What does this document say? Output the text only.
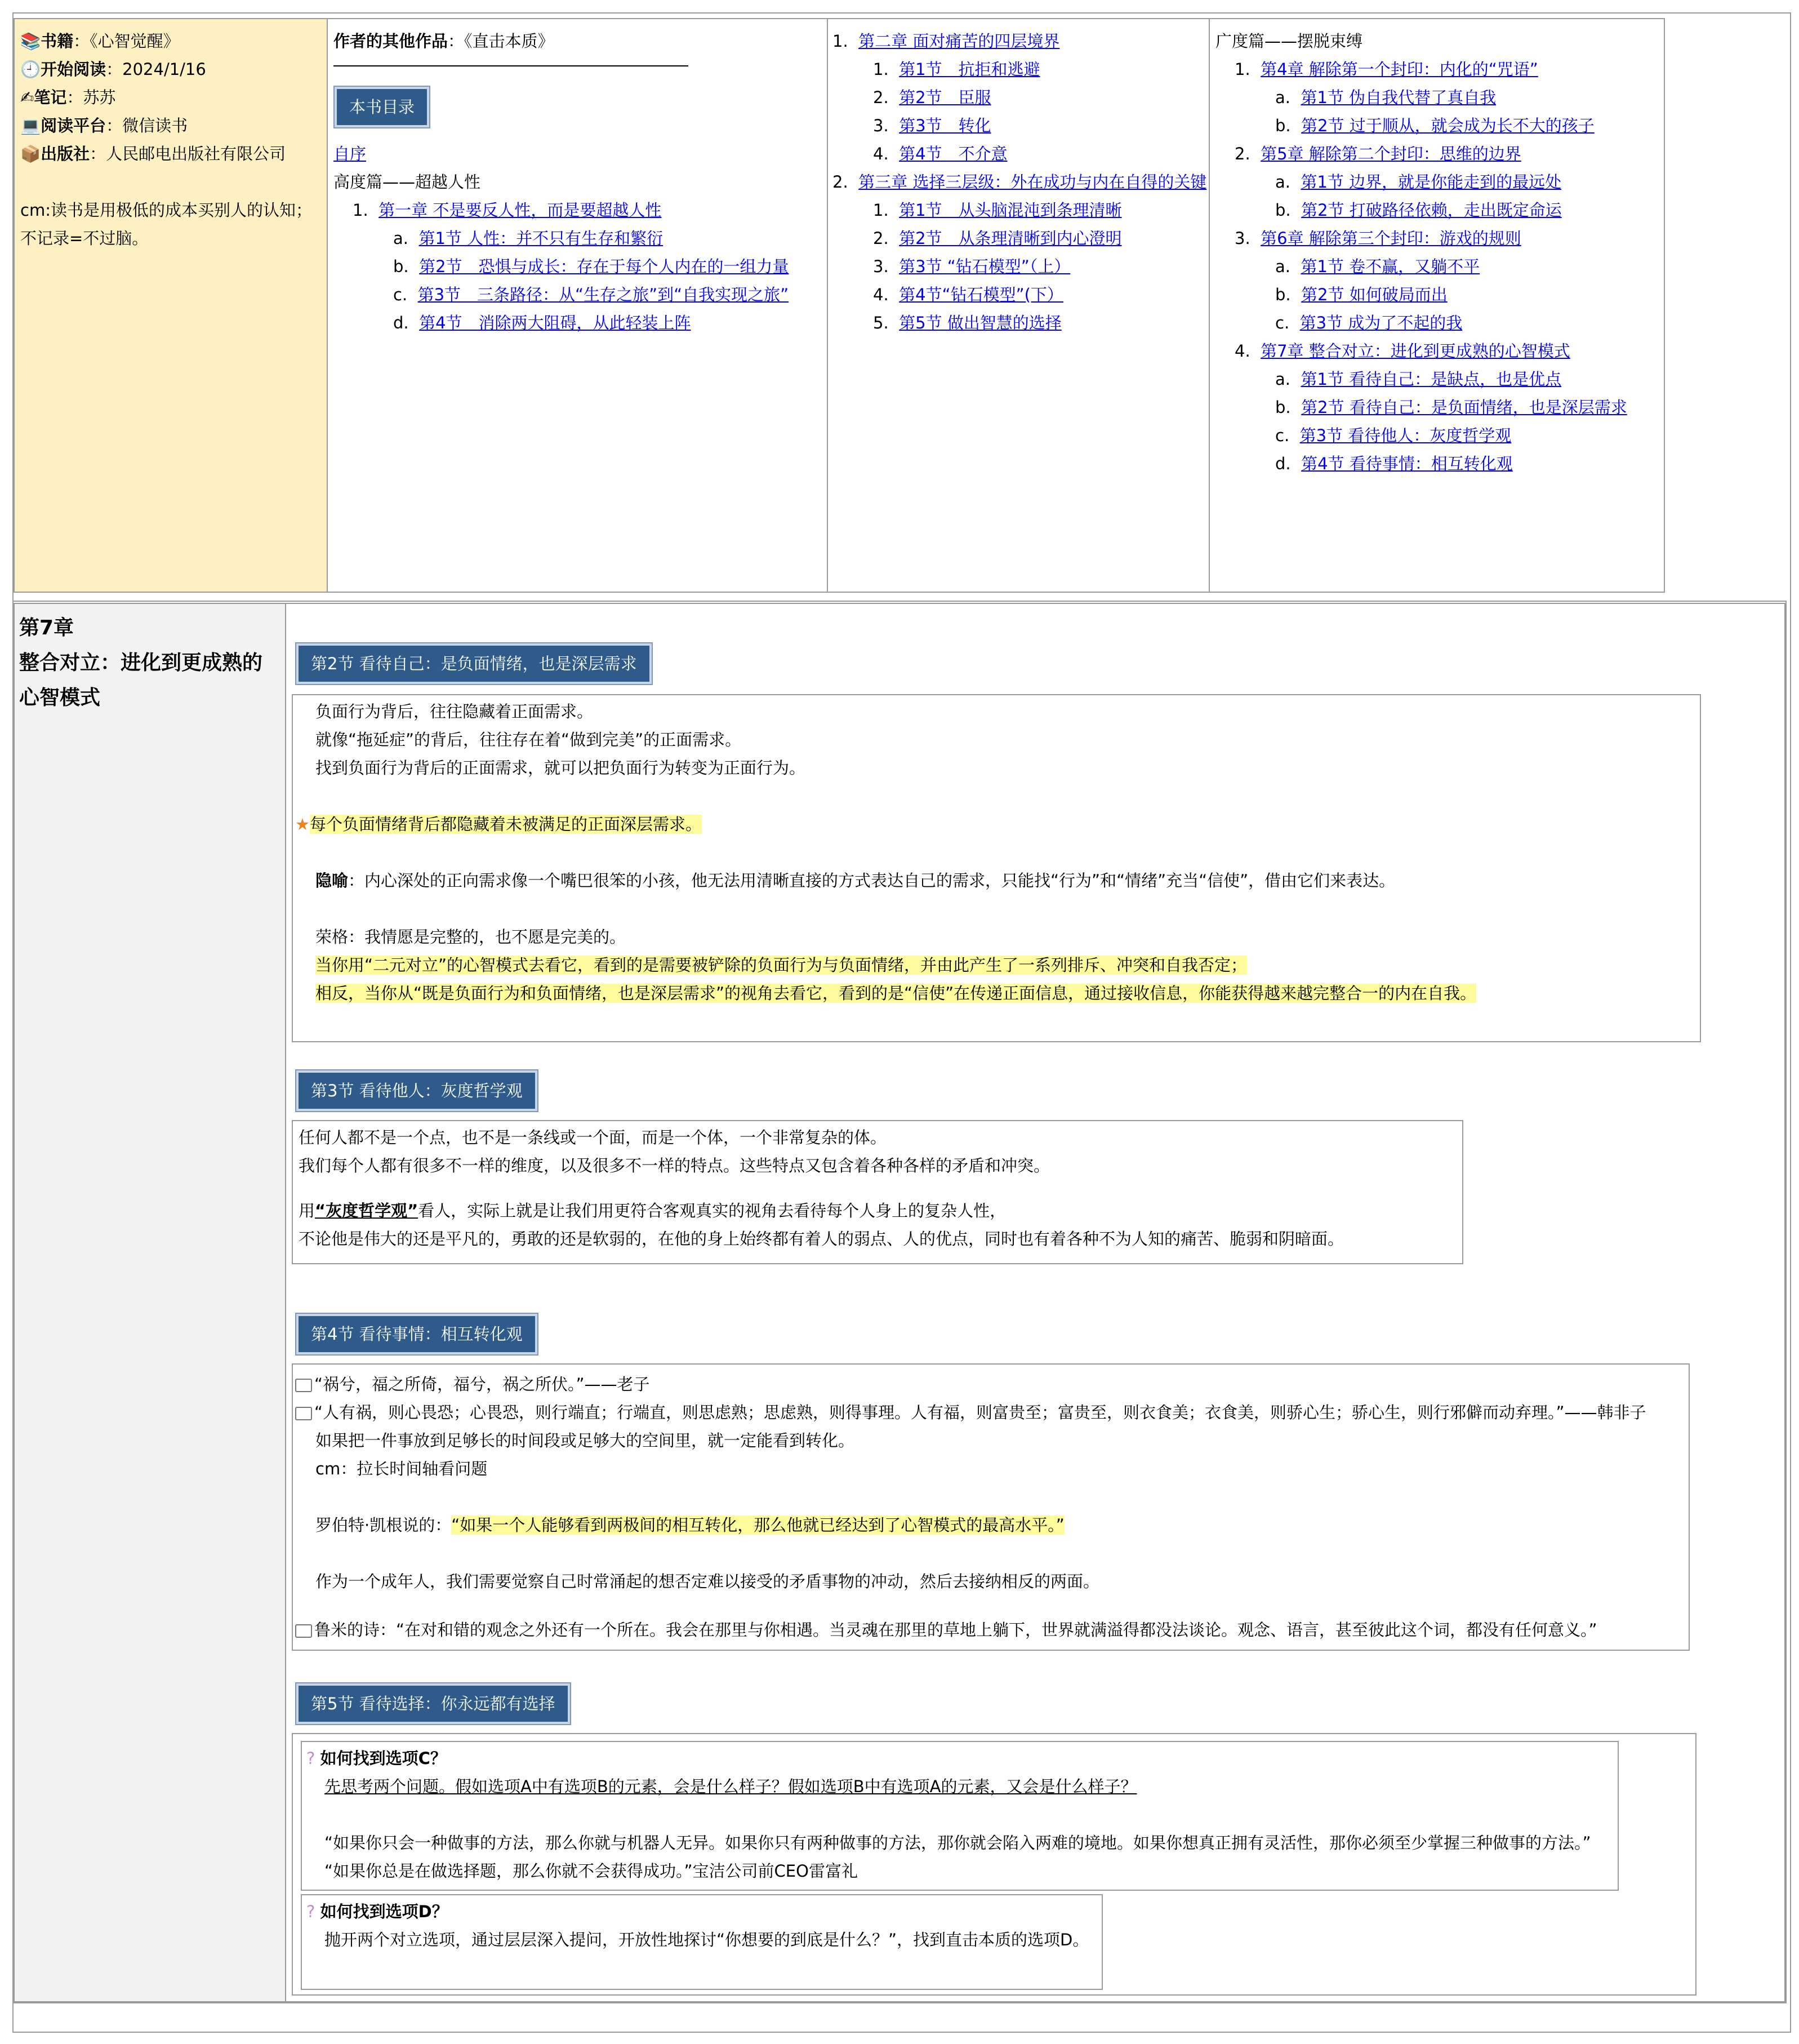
📚书籍：《心智觉醒》
🕘开始阅读：2024/1/16
✍笔记：苏苏
💻阅读平台：微信读书
📦出版社：人民邮电出版社有限公司
cm:读书是用极低的成本买别人的认知；
不记录=不过脑。
作者的其他作品：《直击本质》
本书目录
自序
高度篇——超越人性
1.  第一章 不是要反人性，而是要超越人性
a.  第1节 人性：并不只有生存和繁衍
b.  第2节　恐惧与成长：存在于每个人内在的一组力量
c.  第3节　三条路径：从“生存之旅”到“自我实现之旅”
d.  第4节　消除两大阻碍，从此轻装上阵
1.  第二章 面对痛苦的四层境界
1.  第1节　抗拒和逃避
2.  第2节　臣服
3.  第3节　转化
4.  第4节　不介意
2.  第三章 选择三层级：外在成功与内在自得的关键
1.  第1节　从头脑混沌到条理清晰
2.  第2节　从条理清晰到内心澄明
3.  第3节 “钻石模型”（上）
4.  第4节“钻石模型”(下）
5.  第5节 做出智慧的选择
广度篇——摆脱束缚
1.  第4章 解除第一个封印：内化的“咒语”
a.  第1节 伪自我代替了真自我
b.  第2节 过于顺从，就会成为长不大的孩子
2.  第5章 解除第二个封印：思维的边界
a.  第1节 边界，就是你能走到的最远处
b.  第2节 打破路径依赖，走出既定命运
3.  第6章 解除第三个封印：游戏的规则
a.  第1节 卷不赢，又躺不平
b.  第2节 如何破局而出
c.  第3节 成为了不起的我
4.  第7章 整合对立：进化到更成熟的心智模式
a.  第1节 看待自己：是缺点，也是优点
b.  第2节 看待自己：是负面情绪，也是深层需求
c.  第3节 看待他人：灰度哲学观
d.  第4节 看待事情：相互转化观
第7章
整合对立：进化到更成熟的
心智模式
第2节 看待自己：是负面情绪，也是深层需求
负面行为背后，往往隐藏着正面需求。
就像“拖延症”的背后，往往存在着“做到完美”的正面需求。
找到负面行为背后的正面需求，就可以把负面行为转变为正面行为。
★每个负面情绪背后都隐藏着未被满足的正面深层需求。
隐喻：内心深处的正向需求像一个嘴巴很笨的小孩，他无法用清晰直接的方式表达自己的需求，只能找“行为”和“情绪”充当“信使”，借由它们来表达。
荣格：我情愿是完整的，也不愿是完美的。
当你用“二元对立”的心智模式去看它，看到的是需要被铲除的负面行为与负面情绪，并由此产生了一系列排斥、冲突和自我否定；
相反，当你从“既是负面行为和负面情绪，也是深层需求”的视角去看它，看到的是“信使”在传递正面信息，通过接收信息，你能获得越来越完整合一的内在自我。
第3节 看待他人：灰度哲学观
任何人都不是一个点，也不是一条线或一个面，而是一个体，一个非常复杂的体。
我们每个人都有很多不一样的维度，以及很多不一样的特点。这些特点又包含着各种各样的矛盾和冲突。
用“灰度哲学观”看人，实际上就是让我们用更符合客观真实的视角去看待每个人身上的复杂人性，
不论他是伟大的还是平凡的，勇敢的还是软弱的，在他的身上始终都有着人的弱点、人的优点，同时也有着各种不为人知的痛苦、脆弱和阴暗面。
第4节 看待事情：相互转化观
“祸兮，福之所倚，福兮，祸之所伏。”——老子
“人有祸，则心畏恐；心畏恐，则行端直；行端直，则思虑熟；思虑熟，则得事理。人有福，则富贵至；富贵至，则衣食美；衣食美，则骄心生；骄心生，则行邪僻而动弃理。”——韩非子
如果把一件事放到足够长的时间段或足够大的空间里，就一定能看到转化。
cm：拉长时间轴看问题
罗伯特·凯根说的：“如果一个人能够看到两极间的相互转化，那么他就已经达到了心智模式的最高水平。”
作为一个成年人，我们需要觉察自己时常涌起的想否定难以接受的矛盾事物的冲动，然后去接纳相反的两面。
鲁米的诗：“在对和错的观念之外还有一个所在。我会在那里与你相遇。当灵魂在那里的草地上躺下，世界就满溢得都没法谈论。观念、语言，甚至彼此这个词，都没有任何意义。”
第5节 看待选择：你永远都有选择
? 如何找到选项C？
先思考两个问题。假如选项A中有选项B的元素，会是什么样子？假如选项B中有选项A的元素，又会是什么样子？
“如果你只会一种做事的方法，那么你就与机器人无异。如果你只有两种做事的方法，那你就会陷入两难的境地。如果你想真正拥有灵活性，那你必须至少掌握三种做事的方法。”
“如果你总是在做选择题，那么你就不会获得成功。”宝洁公司前CEO雷富礼
? 如何找到选项D？
抛开两个对立选项，通过层层深入提问，开放性地探讨“你想要的到底是什么？”，找到直击本质的选项D。
